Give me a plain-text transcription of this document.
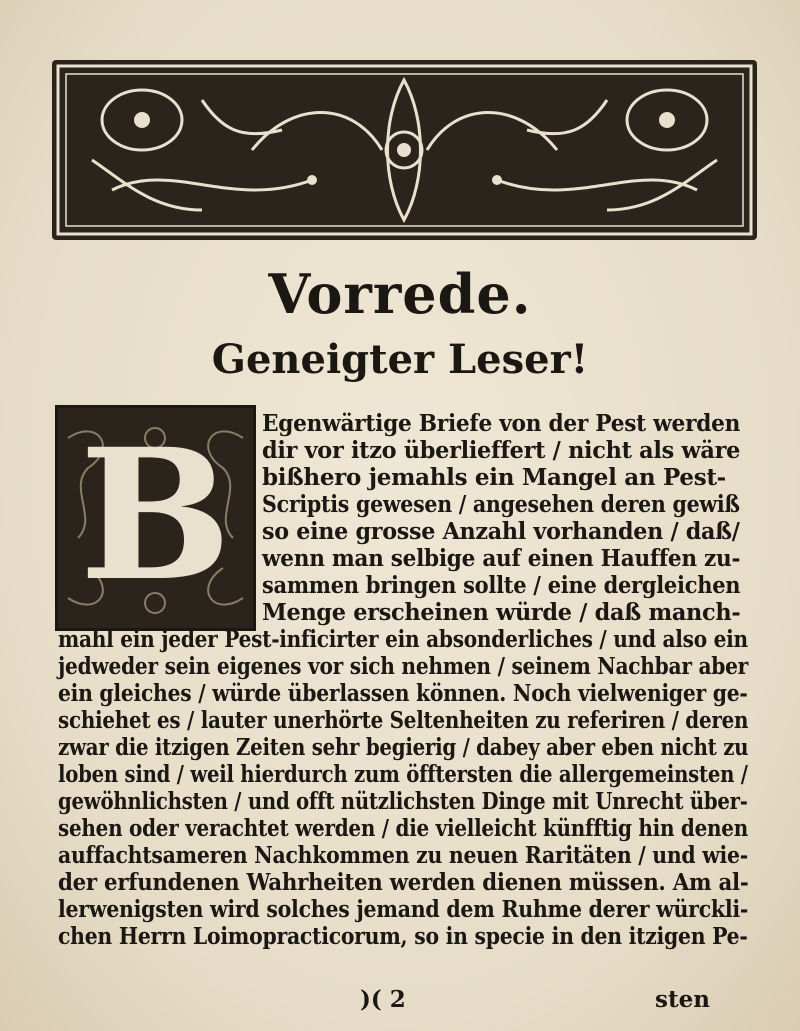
Vorrede.
Geneigter Leser!
B	Egenwärtige Briefe von der Pest werden
dir vor itzo überlieffert / nicht als wäre
bißhero jemahls ein Mangel an Pest-
Scriptis gewesen / angesehen deren gewiß
so eine grosse Anzahl vorhanden / daß/
wenn man selbige auf einen Hauffen zu-
sammen bringen sollte / eine dergleichen
Menge erscheinen würde / daß manch-
mahl ein jeder Pest-inficirter ein absonderliches / und also ein
jedweder sein eigenes vor sich nehmen / seinem Nachbar aber
ein gleiches / würde überlassen können. Noch vielweniger ge-
schiehet es / lauter unerhörte Seltenheiten zu referiren / deren
zwar die itzigen Zeiten sehr begierig / dabey aber eben nicht zu
loben sind / weil hierdurch zum öfftersten die allergemeinsten /
gewöhnlichsten / und offt nützlichsten Dinge mit Unrecht über-
sehen oder verachtet werden / die vielleicht künfftig hin denen
auffachtsameren Nachkommen zu neuen Raritäten / und wie-
der erfundenen Wahrheiten werden dienen müssen. Am al-
lerwenigsten wird solches jemand dem Ruhme derer würckli-
chen Herrn Loimopracticorum, so in specie in den itzigen Pe-
)( 2	sten
